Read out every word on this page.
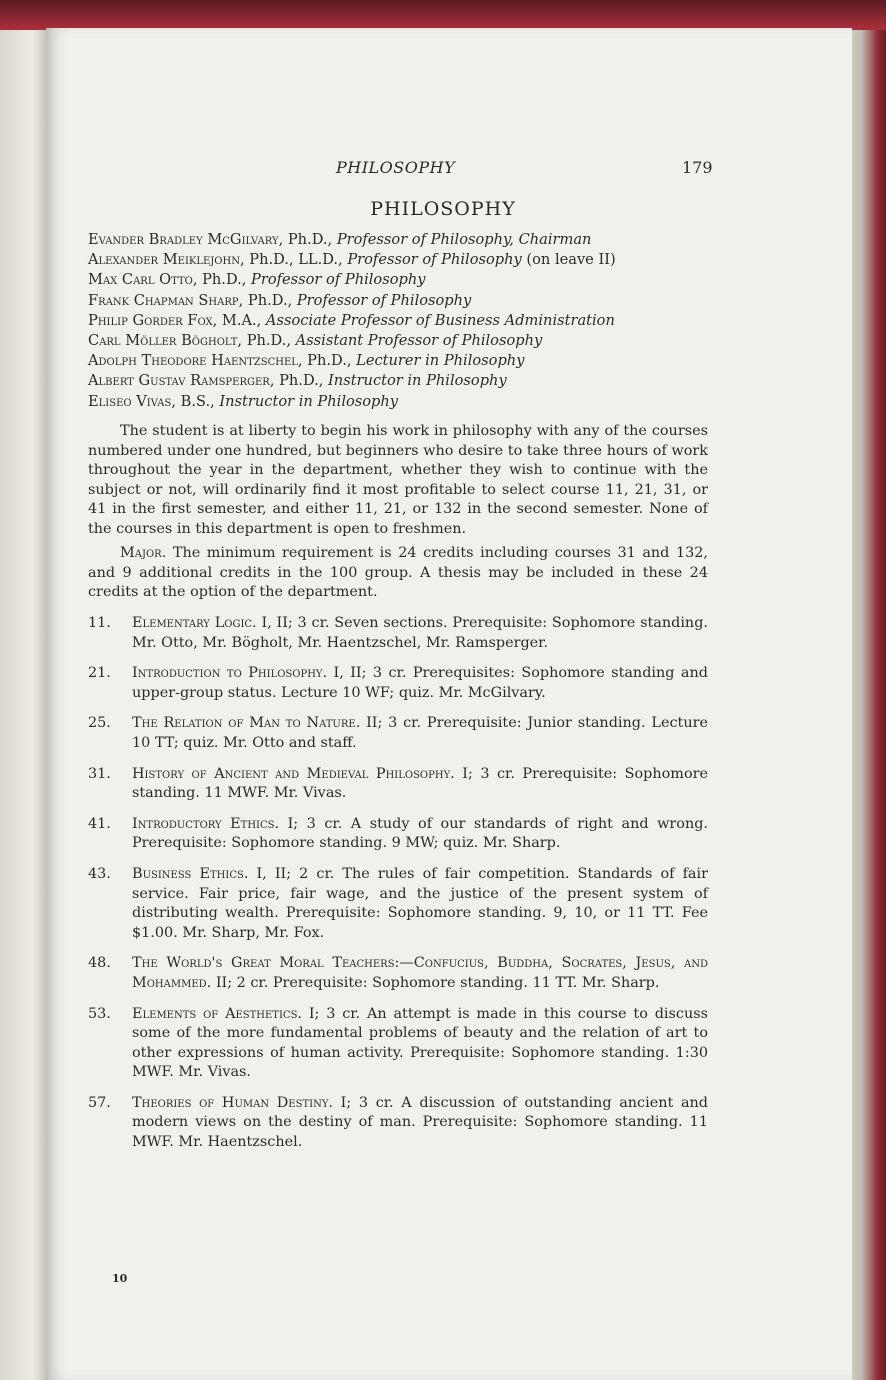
PHILOSOPHY	179
PHILOSOPHY
Evander Bradley McGilvary, Ph.D., Professor of Philosophy, Chairman
Alexander Meiklejohn, Ph.D., LL.D., Professor of Philosophy (on leave II)
Max Carl Otto, Ph.D., Professor of Philosophy
Frank Chapman Sharp, Ph.D., Professor of Philosophy
Philip Gorder Fox, M.A., Associate Professor of Business Administration
Carl Möller Bögholt, Ph.D., Assistant Professor of Philosophy
Adolph Theodore Haentzschel, Ph.D., Lecturer in Philosophy
Albert Gustav Ramsperger, Ph.D., Instructor in Philosophy
Eliseo Vivas, B.S., Instructor in Philosophy

The student is at liberty to begin his work in philosophy with any of the courses numbered under one hundred, but beginners who desire to take three hours of work throughout the year in the department, whether they wish to continue with the subject or not, will ordinarily find it most profitable to select course 11, 21, 31, or 41 in the first semester, and either 11, 21, or 132 in the second semester. None of the courses in this department is open to freshmen.

Major. The minimum requirement is 24 credits including courses 31 and 132, and 9 additional credits in the 100 group. A thesis may be included in these 24 credits at the option of the department.

11.	Elementary Logic. I, II; 3 cr. Seven sections. Prerequisite: Sophomore standing. Mr. Otto, Mr. Bögholt, Mr. Haentzschel, Mr. Ramsperger.
21.	Introduction to Philosophy. I, II; 3 cr. Prerequisites: Sophomore standing and upper-group status. Lecture 10 WF; quiz. Mr. McGilvary.
25.	The Relation of Man to Nature. II; 3 cr. Prerequisite: Junior standing. Lecture 10 TT; quiz. Mr. Otto and staff.
31.	History of Ancient and Medieval Philosophy. I; 3 cr. Prerequisite: Sophomore standing. 11 MWF. Mr. Vivas.
41.	Introductory Ethics. I; 3 cr. A study of our standards of right and wrong. Prerequisite: Sophomore standing. 9 MW; quiz. Mr. Sharp.
43.	Business Ethics. I, II; 2 cr. The rules of fair competition. Standards of fair service. Fair price, fair wage, and the justice of the present system of distributing wealth. Prerequisite: Sophomore standing. 9, 10, or 11 TT. Fee $1.00. Mr. Sharp, Mr. Fox.
48.	The World's Great Moral Teachers:—Confucius, Buddha, Socrates, Jesus, and Mohammed. II; 2 cr. Prerequisite: Sophomore standing. 11 TT. Mr. Sharp.
53.	Elements of Aesthetics. I; 3 cr. An attempt is made in this course to discuss some of the more fundamental problems of beauty and the relation of art to other expressions of human activity. Prerequisite: Sophomore standing. 1:30 MWF. Mr. Vivas.
57.	Theories of Human Destiny. I; 3 cr. A discussion of outstanding ancient and modern views on the destiny of man. Prerequisite: Sophomore standing. 11 MWF. Mr. Haentzschel.
10
